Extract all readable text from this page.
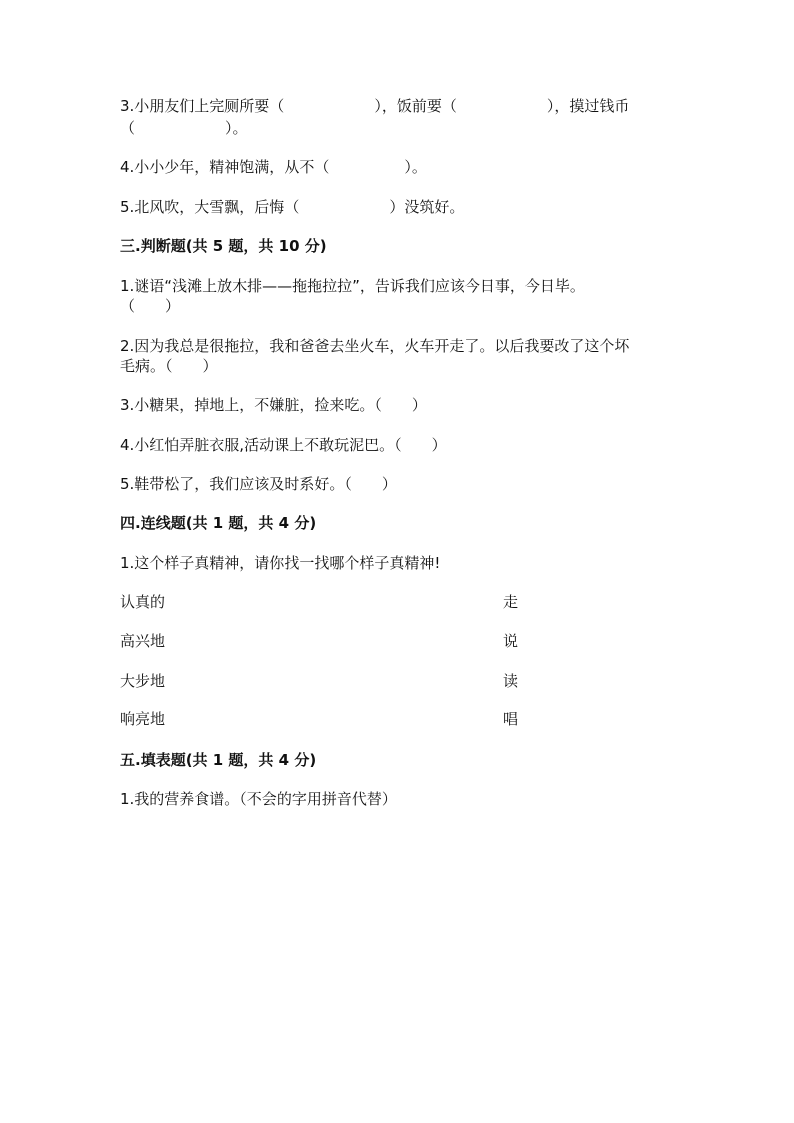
3.小朋友们上完厕所要（　　　　　　），饭前要（　　　　　　），摸过钱币
（　　　　　　）。
4.小小少年，精神饱满，从不（　　　　　）。
5.北风吹，大雪飘，后悔（　　　　　　）没筑好。
三.判断题(共 5 题，共 10 分)
1.谜语“浅滩上放木排——拖拖拉拉”，告诉我们应该今日事，今日毕。
（　　）
2.因为我总是很拖拉，我和爸爸去坐火车，火车开走了。以后我要改了这个坏
毛病。（　　）
3.小糖果，掉地上，不嫌脏，捡来吃。（　　）
4.小红怕弄脏衣服,活动课上不敢玩泥巴。（　　）
5.鞋带松了，我们应该及时系好。（　　）
四.连线题(共 1 题，共 4 分)
1.这个样子真精神，请你找一找哪个样子真精神!
认真的	走
高兴地	说
大步地	读
响亮地	唱
五.填表题(共 1 题，共 4 分)
1.我的营养食谱。（不会的字用拼音代替）
